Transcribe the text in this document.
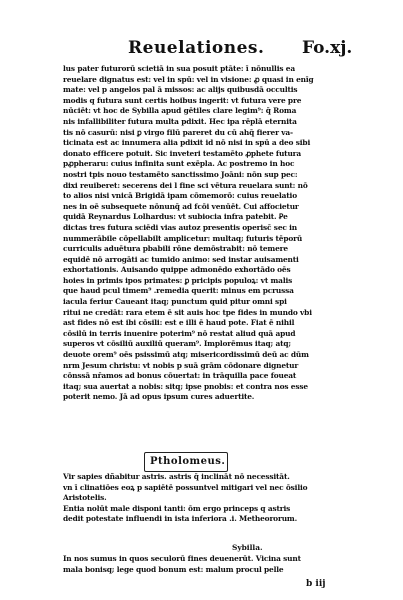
Reuelationes. Fo.xj.
lus pater futurorū scietiā in sua posuit ptāte: ī nōnullis ea
reuelare dignatus est: vel in spū: vel in visione: ꝓ quasi in enīg
mate: vel p angelos pal ā missos: ac alijs quibusdā occultis
modis q futura sunt certis hoibus ingerit: vt futura vere pre
nūciēt: vt hoc de Sybilla apud gētiles clare legim⁹: q̄ Roma
nis infallibiliter futura multa pdixit. Hec ipa rēplā eternita
tis nō casurū: nisi ꝑ virgo filū pareret du cū ahq̄ fierer va-
ticinata est ac innumera alia pdixit id nō nisi in spū a deo sibi
donato efficere potuit. Sic inveteri testamēto ꝓphete futura
pꝓpheraru: cuius infinita sunt exēpla. Ac postremo in hoc
nostri tpis nouo testamēto sanctissimo Joāni: nōn sup pec:
dixi reuiberet: secerens dei l fine sci vētura reuelara sunt: nō
to alios nisi vnicā Brigidā ipam cōmemorō: cuius reuelatio
nes in oē subsequete nōnunq̄ ad fcōi venūēt. Cui affocietur
quidā Reynardus Lolhardus: vt subiocia infra patebit. Ꝑe
dictas tres futura sciēdi vias autoz presentis operisc̄ sec in
nummerābile cōpellabilt amplicetur: multaq; futuris tēporū
curriculis aduētura pbabili rōne demōstrabit: nō temere
equidē nō arrogāti ac tumido animo: sed instar auisamenti
exhortationis. Auisando quippe admonēdo exhortādo oēs
hoies in primis ipos primates: ꝑ pricipis populoꝝ: vt malis
que haud pcul timem⁹ .remedia querit: minus em pcrussa
iacula feriur Caueant itaq; punctum quid pitur omni spi
ritui ne credāt: rara etem ē sit auis hoc tpe fides in mundo vbi
ast fides nō est ibi cōsili: est e illi ē haud pote. Fiat ē nihil
cōsilū in terris inuenire poterim⁹ nō restat aliud quā apud
superos vt cōsiliū auxiliū queram⁹. Implorēmus itaq; atq;
deuote orem⁹ oēs psissimū atq; misericordissimū deū ac dūm
nrm Jesum christu: vt nobis p suā grām cōdonare dignetur
cōnssā nr̄amos ad bonus cōuertat: in trāquilla pace foueat
itaq; sua auertat a nobis: sitq; ipse pnobis: et contra nos esse
poterit nemo. Jā ad opus ipsum cures aduertite.
Ptholomeus.
Vir sapies dñabitur astris. astris q̄ inclināt nō necessitāt.
vn ī clinatiōes eoꝝ p sapiētē possuntvel mitigari vel nec ōsilio
Aristotelis.
Entia nolūt male disponi tanti: ōm ergo princeps q astris
dedit potestate influendi in ista inferiora .i. Metheororum.
Sybilla.
In nos sumus in quos seculorū fines deuenerūt. Vicina sunt
mala bonisq; lege quod bonum est: malum procul pelle
b iij
